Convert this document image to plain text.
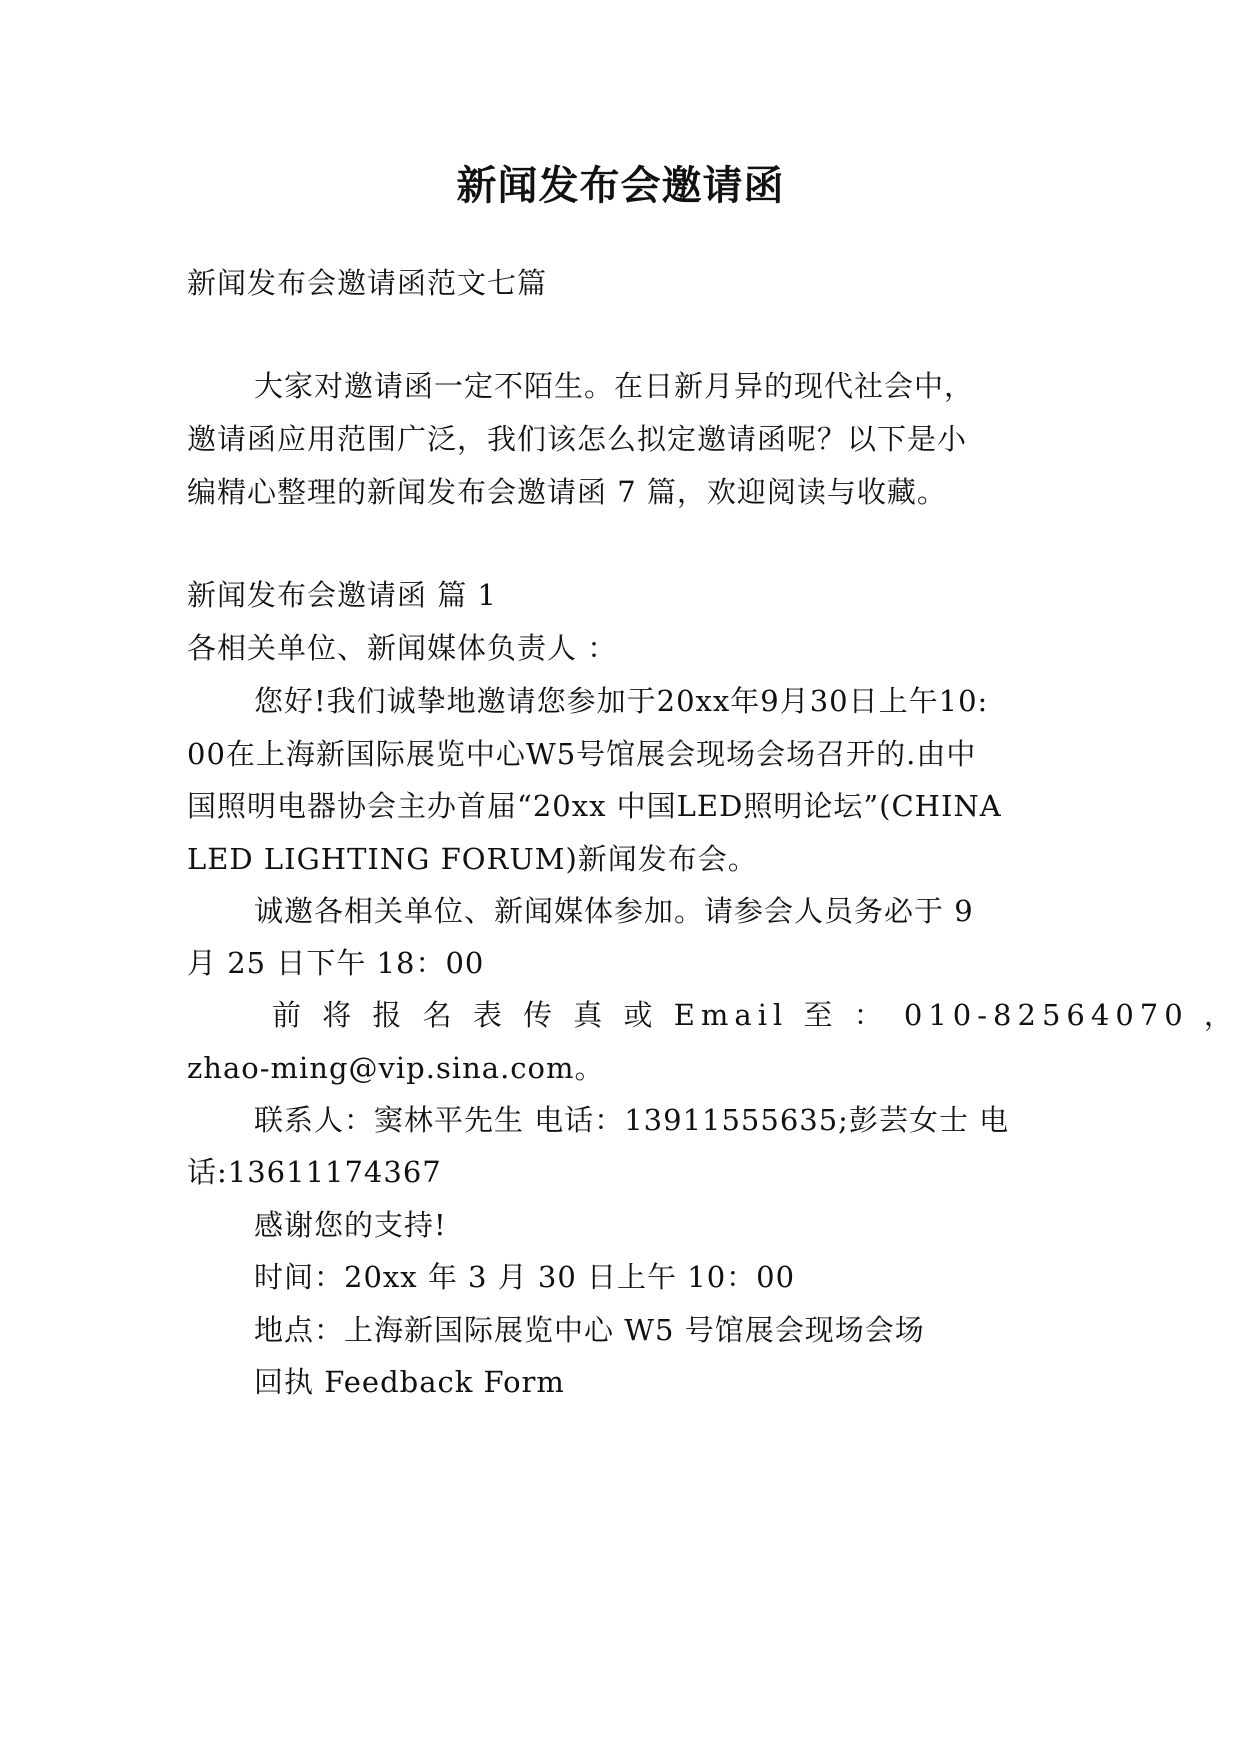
新闻发布会邀请函
新闻发布会邀请函范文七篇
大家对邀请函一定不陌生。在日新月异的现代社会中，
邀请函应用范围广泛，我们该怎么拟定邀请函呢？以下是小
编精心整理的新闻发布会邀请函 7 篇，欢迎阅读与收藏。
新闻发布会邀请函 篇 1
各相关单位、新闻媒体负责人 ：
您好!我们诚挚地邀请您参加于20xx年9月30日上午10:
00在上海新国际展览中心W5号馆展会现场会场召开的.由中
国照明电器协会主办首届“20xx 中国LED照明论坛”(CHINA
LED LIGHTING FORUM)新闻发布会。
诚邀各相关单位、新闻媒体参加。请参会人员务必于 9
月 25 日下午 18：00
前 将 报 名 表 传 真 或 Email 至 ： 010-82564070 ，
zhao-ming@vip.sina.com。
联系人：窦林平先生 电话：13911555635;彭芸女士 电
话:13611174367
感谢您的支持!
时间：20xx 年 3 月 30 日上午 10：00
地点：上海新国际展览中心 W5 号馆展会现场会场
回执 Feedback Form
